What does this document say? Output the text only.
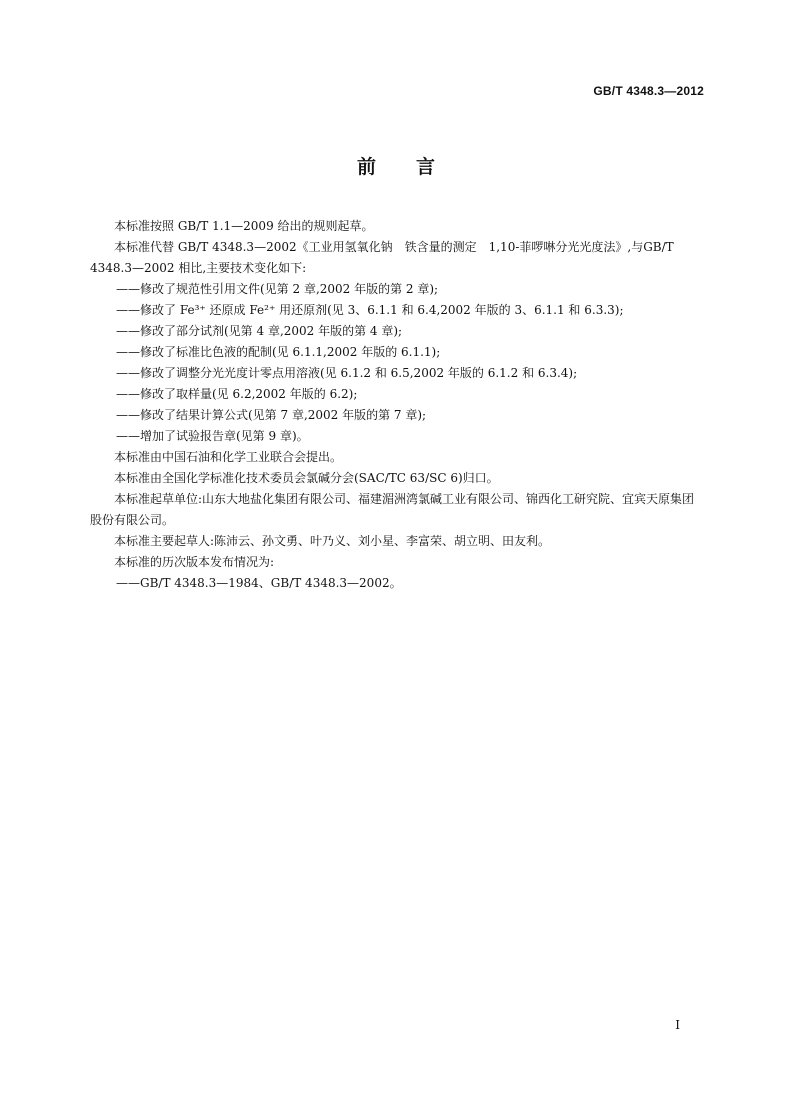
GB/T 4348.3—2012
前 言

本标准按照 GB/T 1.1—2009 给出的规则起草。

本标准代替 GB/T 4348.3—2002《工业用氢氧化钠　铁含量的测定　1,10-菲啰啉分光光度法》,与GB/T 4348.3—2002 相比,主要技术变化如下:

——修改了规范性引用文件(见第 2 章,2002 年版的第 2 章);

——修改了 Fe³⁺ 还原成 Fe²⁺ 用还原剂(见 3、6.1.1 和 6.4,2002 年版的 3、6.1.1 和 6.3.3);

——修改了部分试剂(见第 4 章,2002 年版的第 4 章);

——修改了标准比色液的配制(见 6.1.1,2002 年版的 6.1.1);

——修改了调整分光光度计零点用溶液(见 6.1.2 和 6.5,2002 年版的 6.1.2 和 6.3.4);

——修改了取样量(见 6.2,2002 年版的 6.2);

——修改了结果计算公式(见第 7 章,2002 年版的第 7 章);

——增加了试验报告章(见第 9 章)。

本标准由中国石油和化学工业联合会提出。

本标准由全国化学标准化技术委员会氯碱分会(SAC/TC 63/SC 6)归口。

本标准起草单位:山东大地盐化集团有限公司、福建湄洲湾氯碱工业有限公司、锦西化工研究院、宜宾天原集团股份有限公司。

本标准主要起草人:陈沛云、孙文勇、叶乃义、刘小星、李富荣、胡立明、田友利。

本标准的历次版本发布情况为:

——GB/T 4348.3—1984、GB/T 4348.3—2002。

I
